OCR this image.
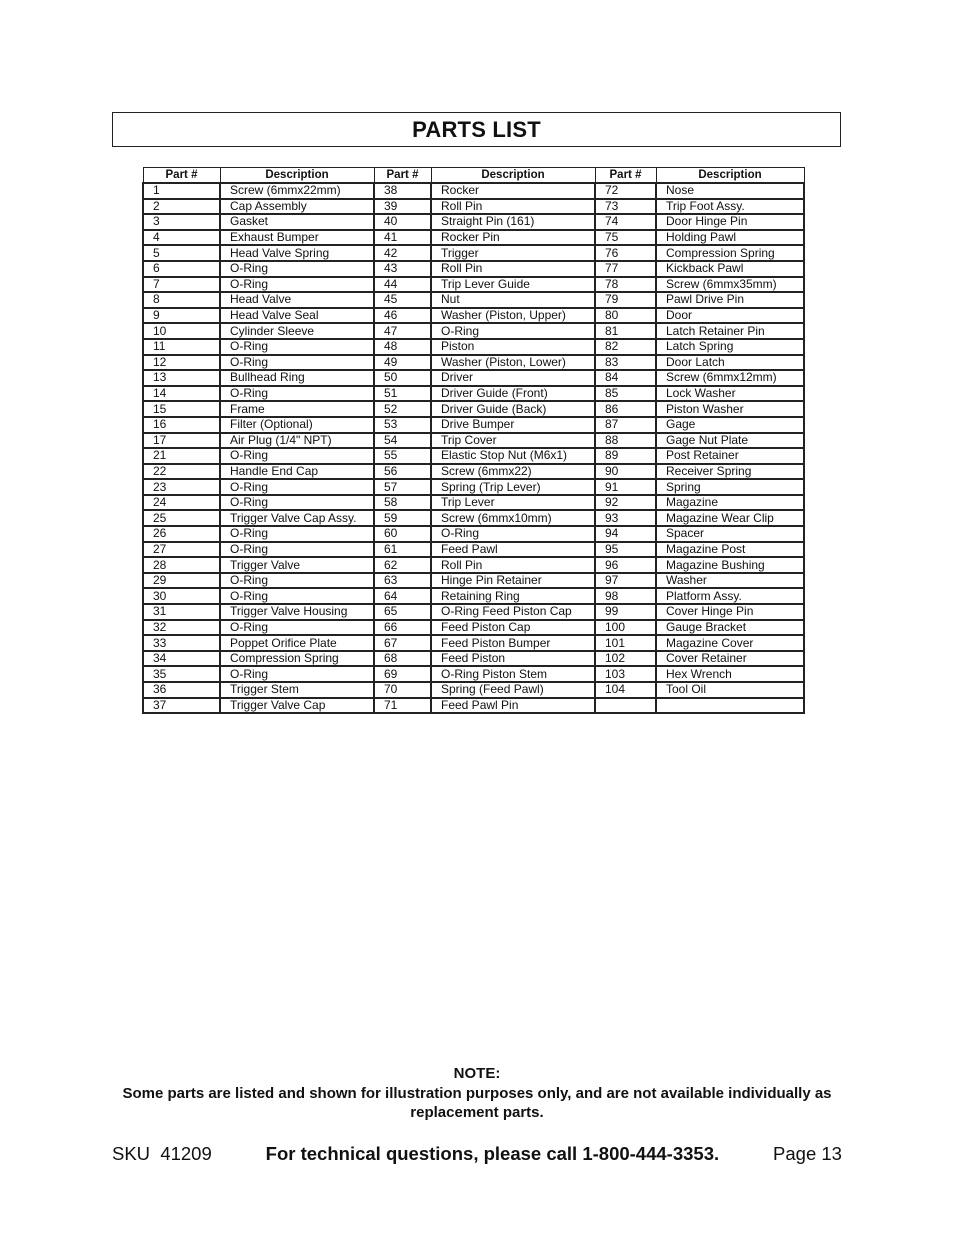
PARTS LIST
Part #	Description	Part #	Description	Part #	Description
1	Screw (6mmx22mm)	38	Rocker	72	Nose
2	Cap Assembly	39	Roll Pin	73	Trip Foot Assy.
3	Gasket	40	Straight Pin (161)	74	Door Hinge Pin
4	Exhaust Bumper	41	Rocker Pin	75	Holding Pawl
5	Head Valve Spring	42	Trigger	76	Compression Spring
6	O-Ring	43	Roll Pin	77	Kickback Pawl
7	O-Ring	44	Trip Lever Guide	78	Screw (6mmx35mm)
8	Head Valve	45	Nut	79	Pawl Drive Pin
9	Head Valve Seal	46	Washer (Piston, Upper)	80	Door
10	Cylinder Sleeve	47	O-Ring	81	Latch Retainer Pin
11	O-Ring	48	Piston	82	Latch Spring
12	O-Ring	49	Washer (Piston, Lower)	83	Door Latch
13	Bullhead Ring	50	Driver	84	Screw (6mmx12mm)
14	O-Ring	51	Driver Guide (Front)	85	Lock Washer
15	Frame	52	Driver Guide (Back)	86	Piston Washer
16	Filter (Optional)	53	Drive Bumper	87	Gage
17	Air Plug (1/4" NPT)	54	Trip Cover	88	Gage Nut Plate
21	O-Ring	55	Elastic Stop Nut (M6x1)	89	Post Retainer
22	Handle End Cap	56	Screw (6mmx22)	90	Receiver Spring
23	O-Ring	57	Spring (Trip Lever)	91	Spring
24	O-Ring	58	Trip Lever	92	Magazine
25	Trigger Valve Cap Assy.	59	Screw (6mmx10mm)	93	Magazine Wear Clip
26	O-Ring	60	O-Ring	94	Spacer
27	O-Ring	61	Feed Pawl	95	Magazine Post
28	Trigger Valve	62	Roll Pin	96	Magazine Bushing
29	O-Ring	63	Hinge Pin Retainer	97	Washer
30	O-Ring	64	Retaining Ring	98	Platform Assy.
31	Trigger Valve Housing	65	O-Ring Feed Piston Cap	99	Cover Hinge Pin
32	O-Ring	66	Feed Piston Cap	100	Gauge Bracket
33	Poppet Orifice Plate	67	Feed Piston Bumper	101	Magazine Cover
34	Compression Spring	68	Feed Piston	102	Cover Retainer
35	O-Ring	69	O-Ring Piston Stem	103	Hex Wrench
36	Trigger Stem	70	Spring (Feed Pawl)	104	Tool Oil
37	Trigger Valve Cap	71	Feed Pawl Pin		
NOTE:
Some parts are listed and shown for illustration purposes only, and are not available individually as replacement parts.
SKU  41209	For technical questions, please call 1-800-444-3353.	Page 13
